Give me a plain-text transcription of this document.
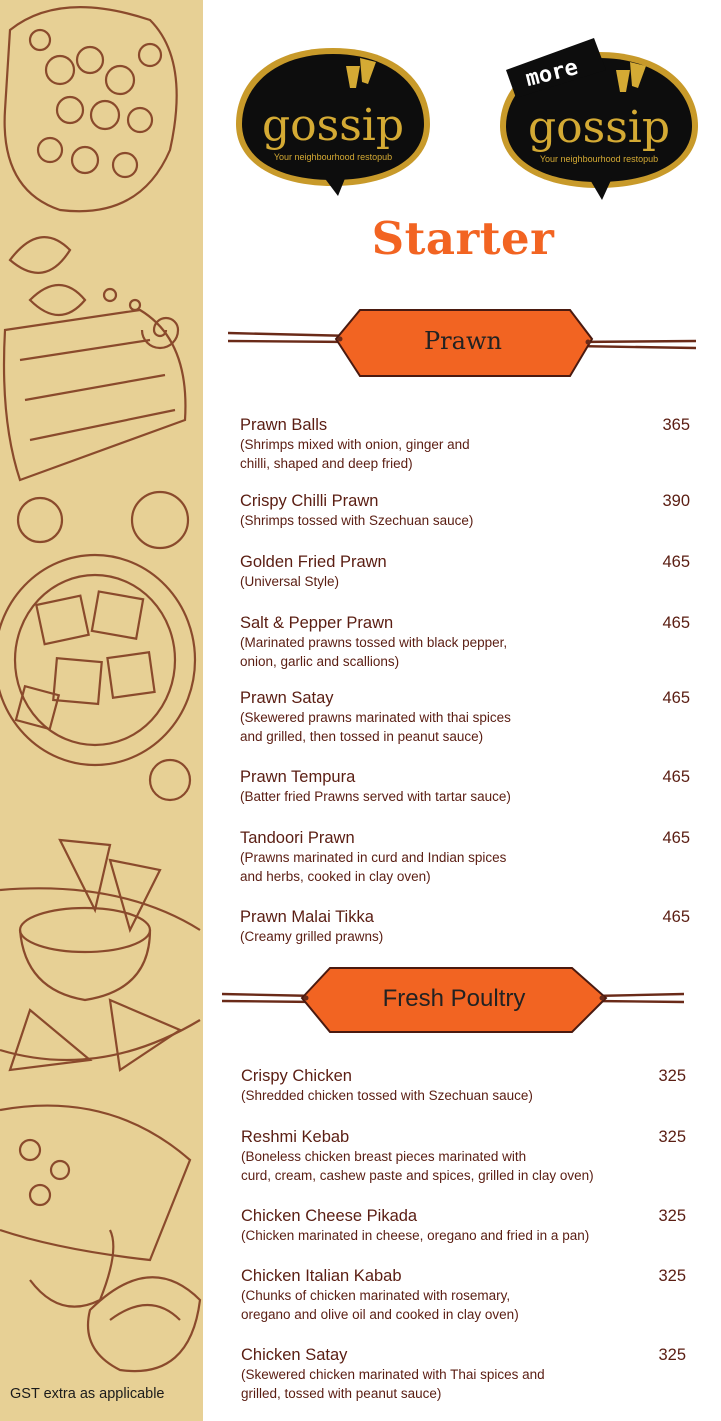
GST extra as applicable
gossip
Your neighbourhood restopub
more
gossip
Your neighbourhood restopub
Starter
Prawn
Prawn Balls
(Shrimps mixed with onion, ginger and
chilli, shaped and deep fried)
365
Crispy Chilli Prawn
(Shrimps tossed with Szechuan sauce)
390
Golden Fried Prawn
(Universal Style)
465
Salt & Pepper Prawn
(Marinated prawns tossed with black pepper,
onion, garlic and scallions)
465
Prawn Satay
(Skewered prawns marinated with thai spices
and grilled, then tossed in peanut sauce)
465
Prawn Tempura
(Batter fried Prawns served with tartar sauce)
465
Tandoori Prawn
(Prawns marinated in curd and Indian spices
and herbs, cooked in clay oven)
465
Prawn Malai Tikka
(Creamy grilled prawns)
465
Fresh Poultry
Crispy Chicken
(Shredded chicken tossed with Szechuan sauce)
325
Reshmi Kebab
(Boneless chicken breast pieces marinated with
curd, cream, cashew paste and spices, grilled in clay oven)
325
Chicken Cheese Pikada
(Chicken marinated in cheese, oregano and fried in a pan)
325
Chicken Italian Kabab
(Chunks of chicken marinated with rosemary,
oregano and olive oil and cooked in clay oven)
325
Chicken Satay
(Skewered chicken marinated with Thai spices and
grilled, tossed with peanut sauce)
325
